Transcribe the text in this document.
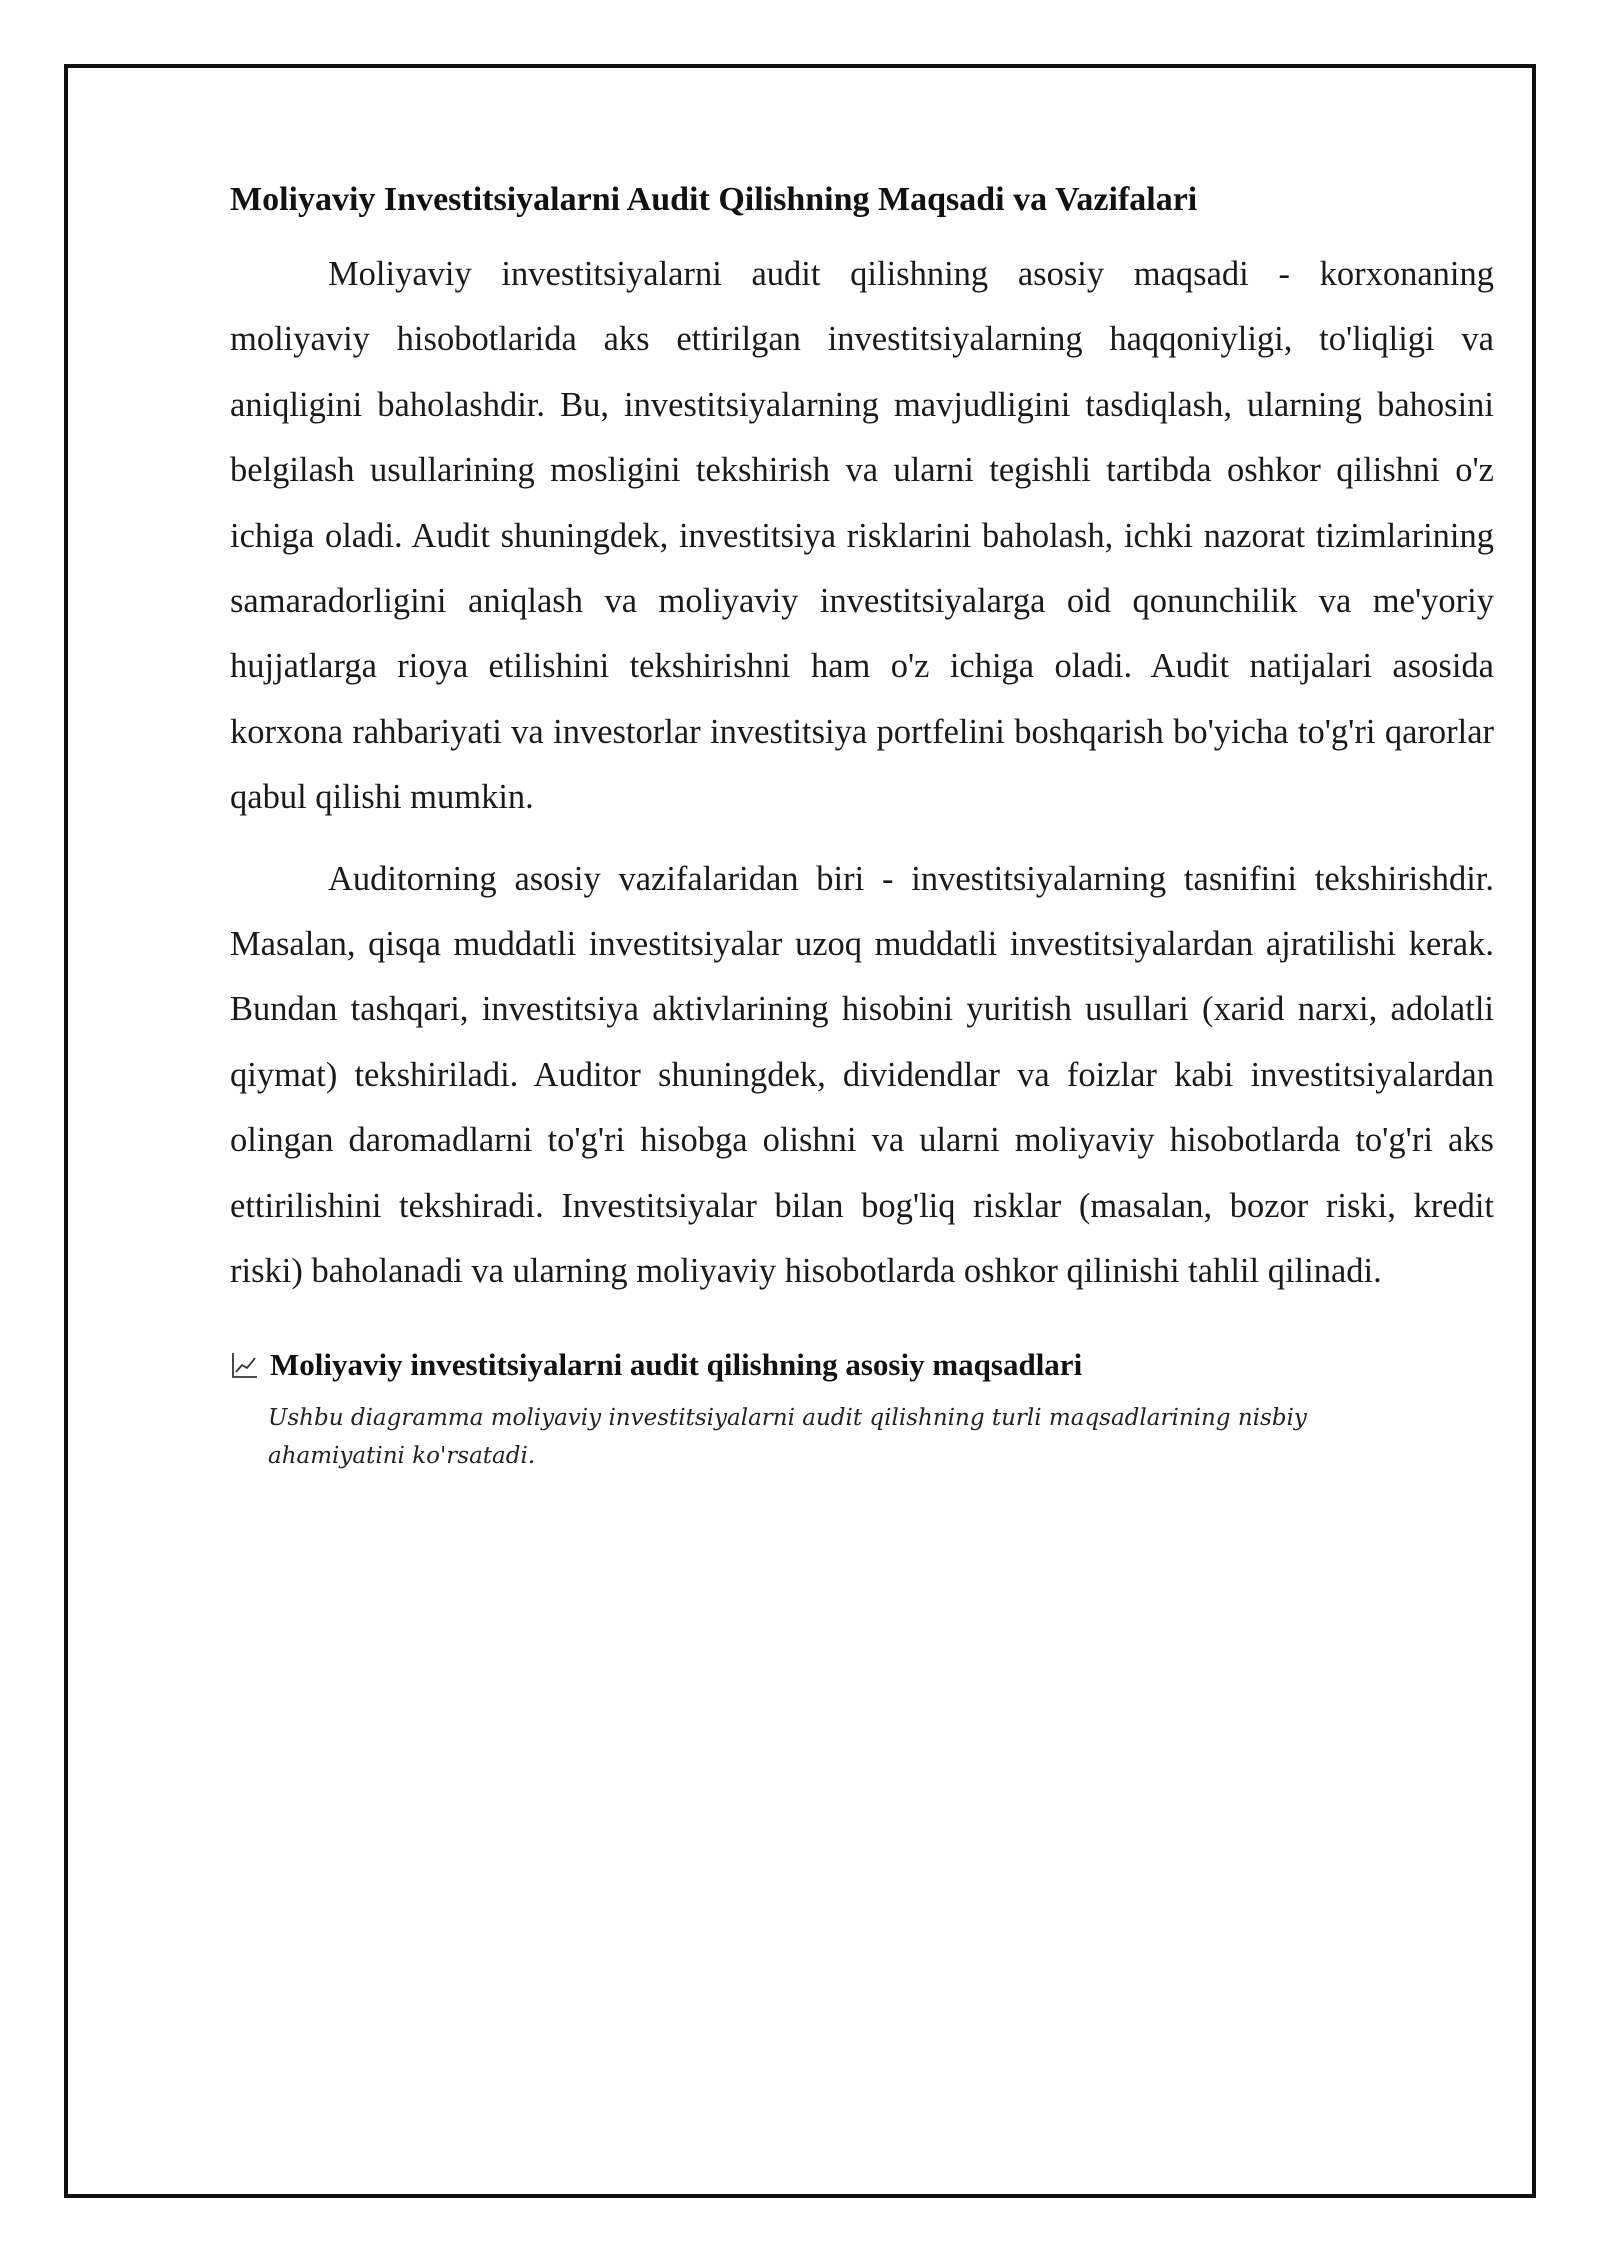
Moliyaviy Investitsiyalarni Audit Qilishning Maqsadi va Vazifalari

Moliyaviy investitsiyalarni audit qilishning asosiy maqsadi - korxonaning moliyaviy hisobotlarida aks ettirilgan investitsiyalarning haqqoniyligi, to'liqligi va aniqligini baholashdir. Bu, investitsiyalarning mavjudligini tasdiqlash, ularning bahosini belgilash usullarining mosligini tekshirish va ularni tegishli tartibda oshkor qilishni o'z ichiga oladi. Audit shuningdek, investitsiya risklarini baholash, ichki nazorat tizimlarining samaradorligini aniqlash va moliyaviy investitsiyalarga oid qonunchilik va me'yoriy hujjatlarga rioya etilishini tekshirishni ham o'z ichiga oladi. Audit natijalari asosida korxona rahbariyati va investorlar investitsiya portfelini boshqarish bo'yicha to'g'ri qarorlar qabul qilishi mumkin.

Auditorning asosiy vazifalaridan biri - investitsiyalarning tasnifini tekshirishdir. Masalan, qisqa muddatli investitsiyalar uzoq muddatli investitsiyalardan ajratilishi kerak. Bundan tashqari, investitsiya aktivlarining hisobini yuritish usullari (xarid narxi, adolatli qiymat) tekshiriladi. Auditor shuningdek, dividendlar va foizlar kabi investitsiyalardan olingan daromadlarni to'g'ri hisobga olishni va ularni moliyaviy hisobotlarda to'g'ri aks ettirilishini tekshiradi. Investitsiyalar bilan bog'liq risklar (masalan, bozor riski, kredit riski) baholanadi va ularning moliyaviy hisobotlarda oshkor qilinishi tahlil qilinadi.

Moliyaviy investitsiyalarni audit qilishning asosiy maqsadlari
Ushbu diagramma moliyaviy investitsiyalarni audit qilishning turli maqsadlarining nisbiy ahamiyatini ko'rsatadi.
